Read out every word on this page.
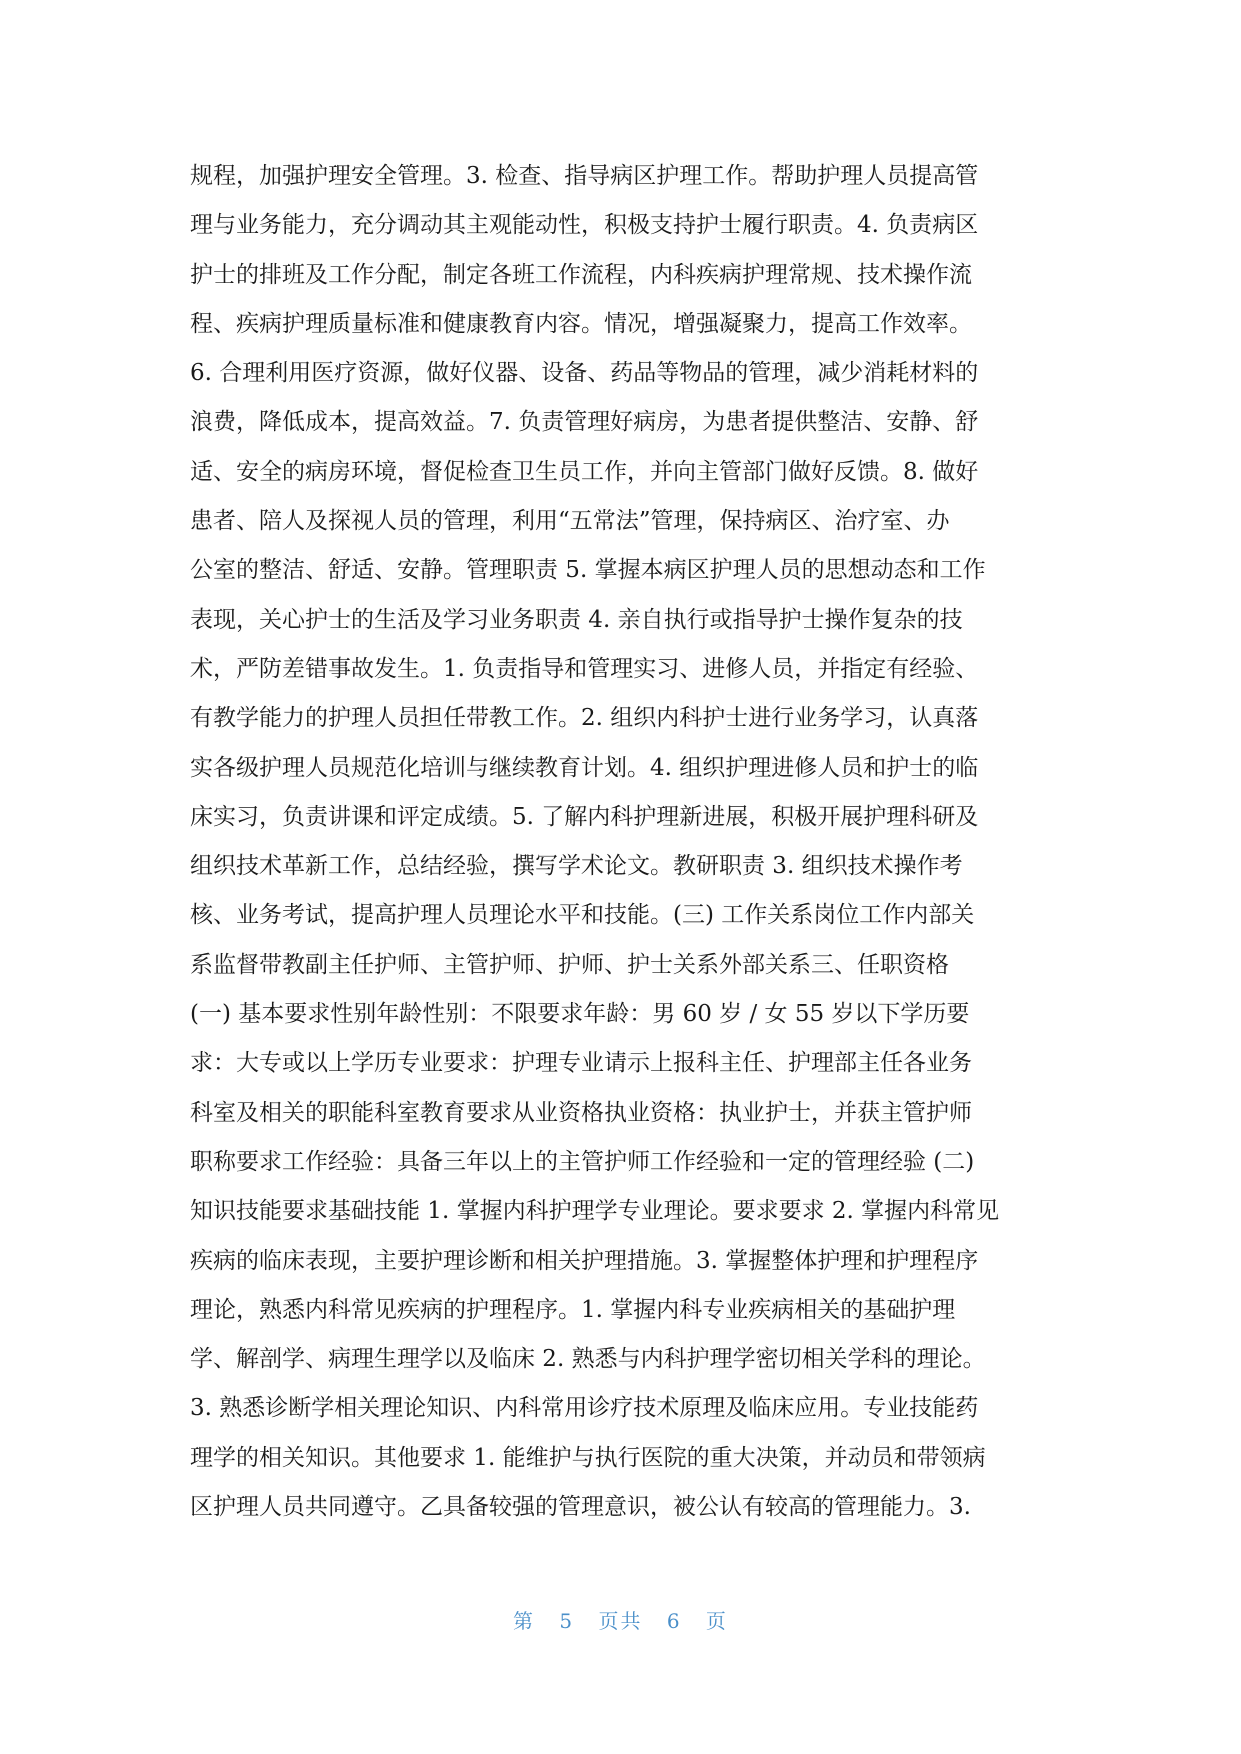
规程，加强护理安全管理。3. 检查、指导病区护理工作。帮助护理人员提高管
理与业务能力，充分调动其主观能动性，积极支持护士履行职责。4. 负责病区
护士的排班及工作分配，制定各班工作流程，内科疾病护理常规、技术操作流
程、疾病护理质量标准和健康教育内容。情况，增强凝聚力，提高工作效率。
6. 合理利用医疗资源，做好仪器、设备、药品等物品的管理，减少消耗材料的
浪费，降低成本，提高效益。7. 负责管理好病房，为患者提供整洁、安静、舒
适、安全的病房环境，督促检查卫生员工作，并向主管部门做好反馈。8. 做好
患者、陪人及探视人员的管理，利用“五常法”管理，保持病区、治疗室、办
公室的整洁、舒适、安静。管理职责 5. 掌握本病区护理人员的思想动态和工作
表现，关心护士的生活及学习业务职责 4. 亲自执行或指导护士操作复杂的技
术，严防差错事故发生。1. 负责指导和管理实习、进修人员，并指定有经验、
有教学能力的护理人员担任带教工作。2. 组织内科护士进行业务学习，认真落
实各级护理人员规范化培训与继续教育计划。4. 组织护理进修人员和护士的临
床实习，负责讲课和评定成绩。5. 了解内科护理新进展，积极开展护理科研及
组织技术革新工作，总结经验，撰写学术论文。教研职责 3. 组织技术操作考
核、业务考试，提高护理人员理论水平和技能。(三) 工作关系岗位工作内部关
系监督带教副主任护师、主管护师、护师、护士关系外部关系三、任职资格
(一) 基本要求性别年龄性别：不限要求年龄：男 60 岁 / 女 55 岁以下学历要
求：大专或以上学历专业要求：护理专业请示上报科主任、护理部主任各业务
科室及相关的职能科室教育要求从业资格执业资格：执业护士，并获主管护师
职称要求工作经验：具备三年以上的主管护师工作经验和一定的管理经验 (二)
知识技能要求基础技能 1. 掌握内科护理学专业理论。要求要求 2. 掌握内科常见
疾病的临床表现，主要护理诊断和相关护理措施。3. 掌握整体护理和护理程序
理论，熟悉内科常见疾病的护理程序。1. 掌握内科专业疾病相关的基础护理
学、解剖学、病理生理学以及临床 2. 熟悉与内科护理学密切相关学科的理论。
3. 熟悉诊断学相关理论知识、内科常用诊疗技术原理及临床应用。专业技能药
理学的相关知识。其他要求 1. 能维护与执行医院的重大决策，并动员和带领病
区护理人员共同遵守。乙具备较强的管理意识，被公认有较高的管理能力。3.
第 5 页共 6 页
